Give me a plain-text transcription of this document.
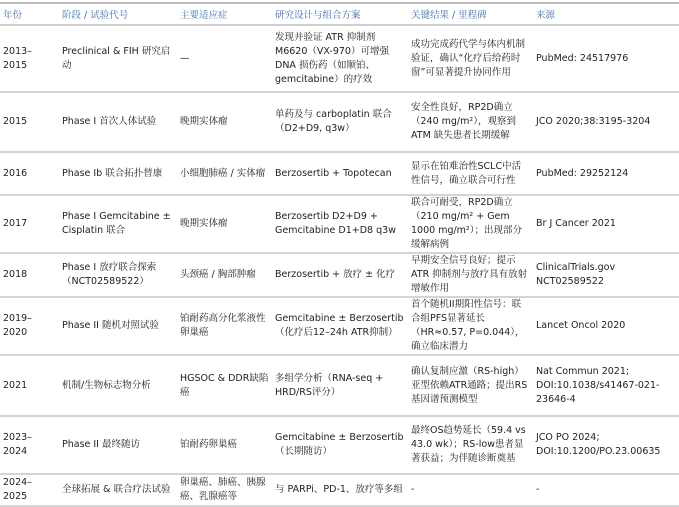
年份	阶段 / 试验代号	主要适应症	研究设计与组合方案	关键结果 / 里程碑	来源
2013–2015	Preclinical & FIH 研究启动	—	发现并验证 ATR 抑制剂 M6620（VX-970）可增强 DNA 损伤药（如顺铂、gemcitabine）的疗效	成功完成药代学与体内机制验证，确认“化疗后给药时窗”可显著提升协同作用	PubMed: 24517976
2015	Phase I 首次人体试验	晚期实体瘤	单药及与 carboplatin 联合（D2+D9, q3w）	安全性良好，RP2D确立（240 mg/m²），观察到 ATM 缺失患者长期缓解	JCO 2020;38:3195-3204
2016	Phase Ib 联合拓扑替康	小细胞肺癌 / 实体瘤	Berzosertib + Topotecan	显示在铂难治性SCLC中活性信号，确立联合可行性	PubMed: 29252124
2017	Phase I Gemcitabine ± Cisplatin 联合	晚期实体瘤	Berzosertib D2+D9 + Gemcitabine D1+D8 q3w	联合可耐受，RP2D确立（210 mg/m² + Gem 1000 mg/m²）；出现部分缓解病例	Br J Cancer 2021
2018	Phase I 放疗联合探索（NCT02589522）	头颈癌 / 胸部肿瘤	Berzosertib + 放疗 ± 化疗	早期安全信号良好；提示 ATR 抑制剂与放疗具有放射增敏作用	ClinicalTrials.gov NCT02589522
2019–2020	Phase II 随机对照试验	铂耐药高分化浆液性卵巢癌	Gemcitabine ± Berzosertib（化疗后12–24h ATR抑制）	首个随机II期阳性信号：联合组PFS显著延长（HR≈0.57, P=0.044），确立临床潜力	Lancet Oncol 2020
2021	机制/生物标志物分析	HGSOC & DDR缺陷癌	多组学分析（RNA-seq + HRD/RS评分）	确认复制应激（RS-high）亚型依赖ATR通路；提出RS基因谱预测模型	Nat Commun 2021; DOI:10.1038/s41467-021-23646-4
2023–2024	Phase II 最终随访	铂耐药卵巢癌	Gemcitabine ± Berzosertib（长期随访）	最终OS趋势延长（59.4 vs 43.0 wk）；RS-low患者显著获益；为伴随诊断奠基	JCO PO 2024; DOI:10.1200/PO.23.00635
2024–2025	全球拓展 & 联合疗法试验	卵巢癌、肺癌、胰腺癌、乳腺癌等	与 PARPi、PD-1、放疗等多组	-	-
